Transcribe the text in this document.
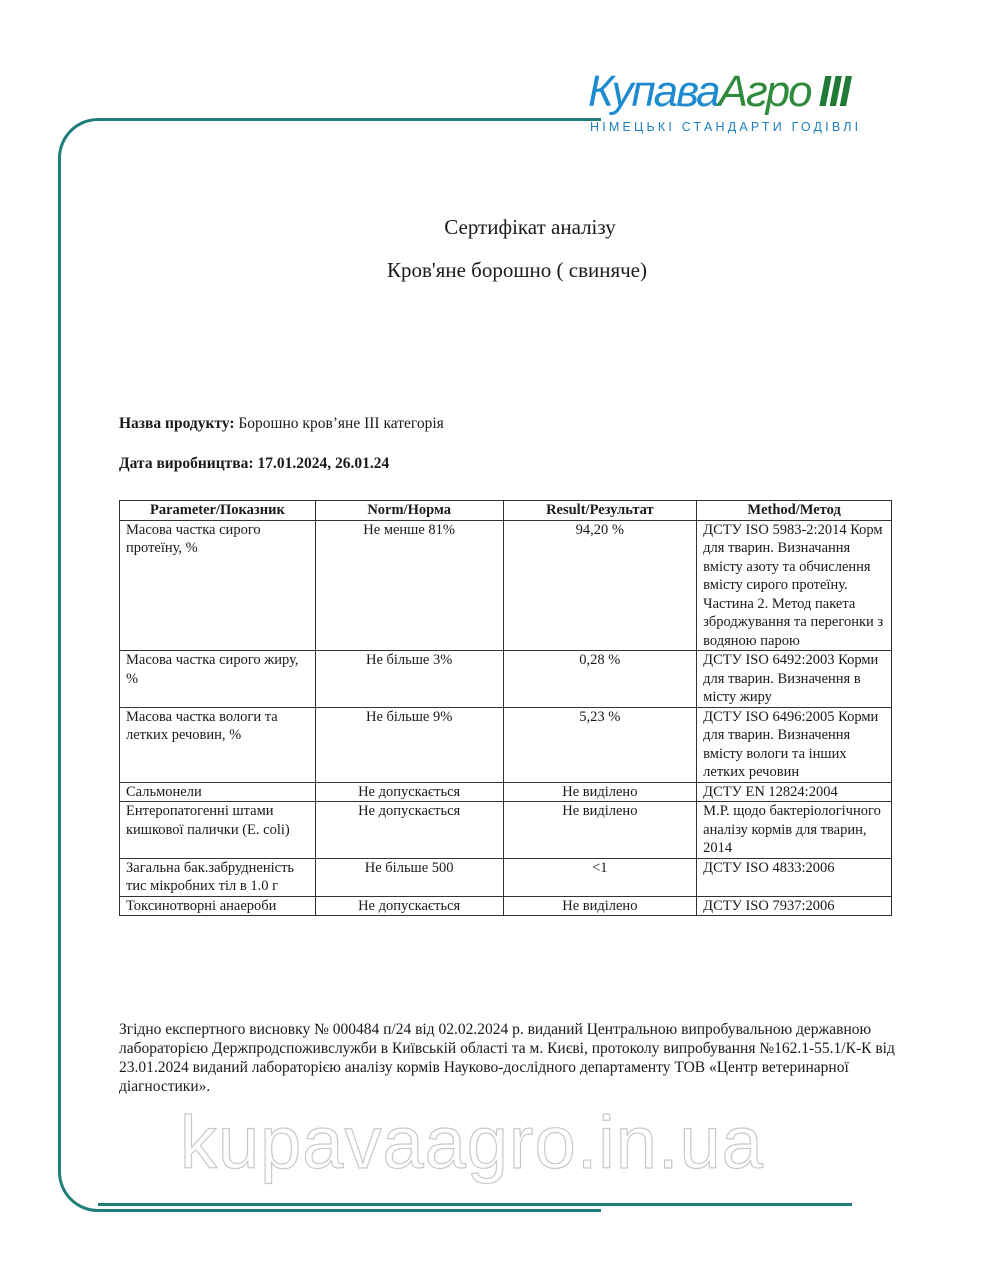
КупаваАгро III
НІМЕЦЬКІ СТАНДАРТИ ГОДІВЛІ
Сертифікат аналізу
Кров'яне борошно ( свиняче)
Назва продукту: Борошно кров’яне ІІІ категорія
Дата виробництва: 17.01.2024, 26.01.24
Parameter/Показник	Norm/Норма	Result/Результат	Method/Метод
Масова частка сирого протеїну, %	Не менше 81%	94,20 %	ДСТУ ISO 5983-2:2014 Корм для тварин. Визначання вмісту азоту та обчислення вмісту сирого протеїну. Частина 2. Метод пакета зброджування та перегонки з водяною парою
Масова частка сирого жиру, %	Не більше 3%	0,28 %	ДСТУ ISO 6492:2003 Корми для тварин. Визначення в місту жиру
Масова частка вологи та летких речовин, %	Не більше 9%	5,23 %	ДСТУ ISO 6496:2005 Корми для тварин. Визначення вмісту вологи та інших летких речовин
Сальмонели	Не допускається	Не виділено	ДСТУ EN 12824:2004
Ентеропатогенні штами кишкової палички (E. coli)	Не допускається	Не виділено	М.Р. щодо бактеріологічного аналізу кормів для тварин, 2014
Загальна бак.забрудненість тис мікробних тіл в 1.0 г	Не більше 500	<1	ДСТУ ISO 4833:2006
Токсинотворні анаероби	Не допускається	Не виділено	ДСТУ ISO 7937:2006
Згідно експертного висновку № 000484 п/24 від 02.02.2024 р. виданий Центральною випробувальною державною лабораторією Держпродспоживслужби в Київській області та м. Києві, протоколу випробування №162.1-55.1/К-К від 23.01.2024 виданий лабораторією аналізу кормів Науково-дослідного департаменту ТОВ «Центр ветеринарної діагностики».
kupavaagro.in.ua
